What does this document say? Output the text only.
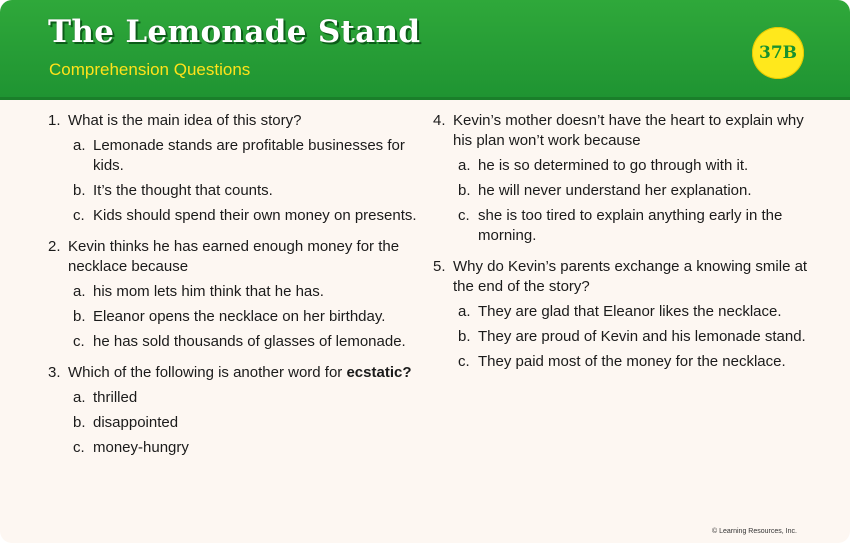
The Lemonade Stand
Comprehension Questions
37B
1. What is the main idea of this story?
a. Lemonade stands are profitable businesses for kids.
b. It’s the thought that counts.
c. Kids should spend their own money on presents.
2. Kevin thinks he has earned enough money for the necklace because
a. his mom lets him think that he has.
b. Eleanor opens the necklace on her birthday.
c. he has sold thousands of glasses of lemonade.
3. Which of the following is another word for ecstatic?
a. thrilled
b. disappointed
c. money-hungry
4. Kevin’s mother doesn’t have the heart to explain why his plan won’t work because
a. he is so determined to go through with it.
b. he will never understand her explanation.
c. she is too tired to explain anything early in the morning.
5. Why do Kevin’s parents exchange a knowing smile at the end of the story?
a. They are glad that Eleanor likes the necklace.
b. They are proud of Kevin and his lemonade stand.
c. They paid most of the money for the necklace.
© Learning Resources, Inc.
